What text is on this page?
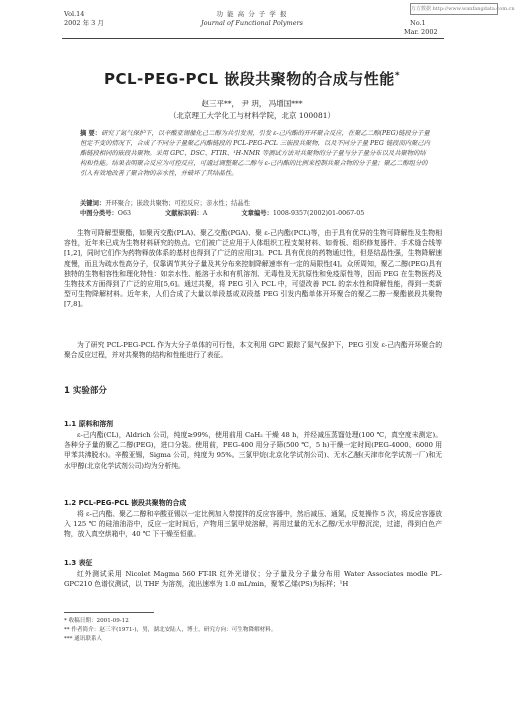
万方数据 http://www.wanfangdata.com.cn
Vol.14
2002 年 3 月
功 能 高 分 子 学 报
Journal of Functional Polymers	No.1
Mar. 2002
PCL-PEG-PCL 嵌段共聚物的合成与性能*
赵三平**， 尹 玥， 冯增国***
（北京理工大学化工与材料学院，北京 100081）
摘 要：研究了氮气保护下，以辛酸亚锡催化己二醇为共引发剂，引发 ε-己内酯的开环聚合反应，在聚乙二醇(PEG)链段分子量恒定不变的情况下，合成了不同分子量聚乙内酯链段的 PCL-PEG-PCL 三嵌段共聚物，以及不同分子量 PEG 链段而内聚己内酯链段相同的嵌段共聚物。采用 GPC、DSC、FTIR、¹H-NMR 等测试方法对共聚物的分子量与分子量分布以及共聚物的结构和性能。结果表明聚合反应为可控反应，可通过调整聚乙二醇与 ε-己内酯的比例来控制共聚合物的分子量；聚乙二醇组分的引入有效地改善了聚合物的亲水性，并破坏了其结晶性。
关键词：开环聚合；嵌段共聚物；可控反应；亲水性；结晶性
中图分类号：O63	文献标识码：A	文章编号：1008-9357(2002)01-0067-05
生物可降解型聚酯，如聚丙交酯(PLA)、聚乙交酯(PGA)、聚 ε-己内酯(PCL)等，由于具有优异的生物可降解性及生物相容性，近年来已成为生物材料研究的热点。它们被广泛应用于人体组织工程支架材料、如骨板、组织修复器件、手术缝合线等[1,2]，同时它们作为药物释放体系的基材也得到了广泛的应用[3]。PCL 具有优良的药物通过性，但是结晶性强，生物降解速度慢，而且为疏水性高分子，仅靠调节其分子量及其分布来控制降解速率有一定的局限性[4]。众所周知，聚乙二醇(PEG)具有独特的生物相容性和理化特性：如亲水性、能溶于水和有机溶剂、无毒性及无抗原性和免疫原性等，因而 PEG 在生物医药及生物技术方面得到了广泛的应用[5,6]。通过共聚，将 PEG 引入 PCL 中，可望改善 PCL 的亲水性和降解性能，得到一类新型可生物降解材料。近年来，人们合成了大量以单段基或双段基 PEG 引发内酯单体开环聚合的聚乙二醇一聚酯嵌段共聚物[7,8]。
为了研究 PCL-PEG-PCL 作为大分子单体的可行性，本文利用 GPC 跟踪了氮气保护下，PEG 引发 ε-己内酯开环聚合的聚合反应过程，并对共聚物的结构和性能进行了表征。
1 实验部分
1.1 原料和溶剂
ε-己内酯(CL)，Aldrich 公司，纯度≥99%，使用前用 CaH₂ 干燥 48 h，并经减压蒸馏处理(100 ℃，真空度未测定)。各种分子量的聚乙二醇(PEG)，进口分装。使用前，PEG-400 用分子筛(500 ℃，5 h)干燥一定时间(PEG-4000、6000 用甲苯共沸脱水)。辛酸亚锡，Sigma 公司，纯度为 95%。三氯甲烷(北京化学试剂公司)、无水乙醚(天津市化学试剂一厂)和无水甲醇(北京化学试剂公司)均为分析纯。
1.2 PCL-PEG-PCL 嵌段共聚物的合成
将 ε-己内酯、聚乙二醇和辛酸亚锡以一定比例加入带搅拌的反应容器中，然后减压、通氮，反复操作 5 次，将反应容器放入 125 ℃ 的硅油油浴中，反应一定时间后，产物用三氯甲烷溶解，再用过量的无水乙醇/无水甲醇沉淀，过滤，得到白色产物，放入真空烘箱中，40 ℃ 下干燥至恒重。
1.3 表征
红外测试采用 Nicolet Magma 560 FT-IR 红外光谱仪；分子量及分子量分布用 Water Associates modle PL-GPC210 色谱仪测试，以 THF 为溶剂，流出速率为 1.0 mL/min，聚苯乙烯(PS)为标样；¹H
* 收稿日期：2001-09-12
** 作者简介：赵三平(1971-)，男，湖北安陆人，博士，研究方向：可生物降解材料。
*** 通讯联系人
